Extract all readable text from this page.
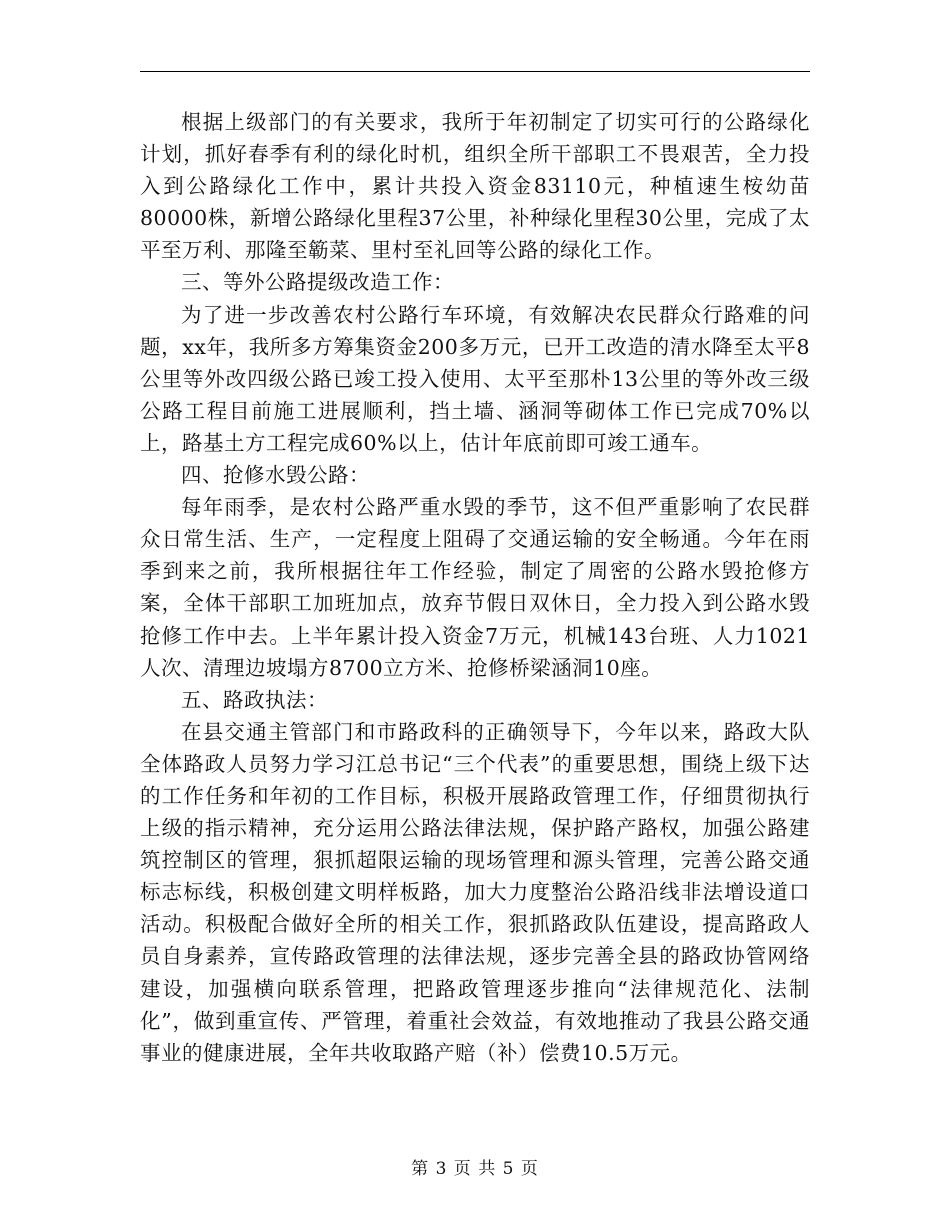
根据上级部门的有关要求，我所于年初制定了切实可行的公路绿化计划，抓好春季有利的绿化时机，组织全所干部职工不畏艰苦，全力投入到公路绿化工作中，累计共投入资金83110元，种植速生桉幼苗80000株，新增公路绿化里程37公里，补种绿化里程30公里，完成了太平至万利、那隆至簕菜、里村至礼回等公路的绿化工作。

三、等外公路提级改造工作：

为了进一步改善农村公路行车环境，有效解决农民群众行路难的问题，xx年，我所多方筹集资金200多万元，已开工改造的清水降至太平8公里等外改四级公路已竣工投入使用、太平至那朴13公里的等外改三级公路工程目前施工进展顺利，挡土墙、涵洞等砌体工作已完成70%以上，路基土方工程完成60%以上，估计年底前即可竣工通车。

四、抢修水毁公路：

每年雨季，是农村公路严重水毁的季节，这不但严重影响了农民群众日常生活、生产，一定程度上阻碍了交通运输的安全畅通。今年在雨季到来之前，我所根据往年工作经验，制定了周密的公路水毁抢修方案，全体干部职工加班加点，放弃节假日双休日，全力投入到公路水毁抢修工作中去。上半年累计投入资金7万元，机械143台班、人力1021人次、清理边坡塌方8700立方米、抢修桥梁涵洞10座。

五、路政执法：

在县交通主管部门和市路政科的正确领导下，今年以来，路政大队全体路政人员努力学习江总书记“三个代表”的重要思想，围绕上级下达的工作任务和年初的工作目标，积极开展路政管理工作，仔细贯彻执行上级的指示精神，充分运用公路法律法规，保护路产路权，加强公路建筑控制区的管理，狠抓超限运输的现场管理和源头管理，完善公路交通标志标线，积极创建文明样板路，加大力度整治公路沿线非法增设道口活动。积极配合做好全所的相关工作，狠抓路政队伍建设，提高路政人员自身素养，宣传路政管理的法律法规，逐步完善全县的路政协管网络建设，加强横向联系管理，把路政管理逐步推向“法律规范化、法制化”，做到重宣传、严管理，着重社会效益，有效地推动了我县公路交通事业的健康进展，全年共收取路产赔（补）偿费10.5万元。

第 3 页 共 5 页
